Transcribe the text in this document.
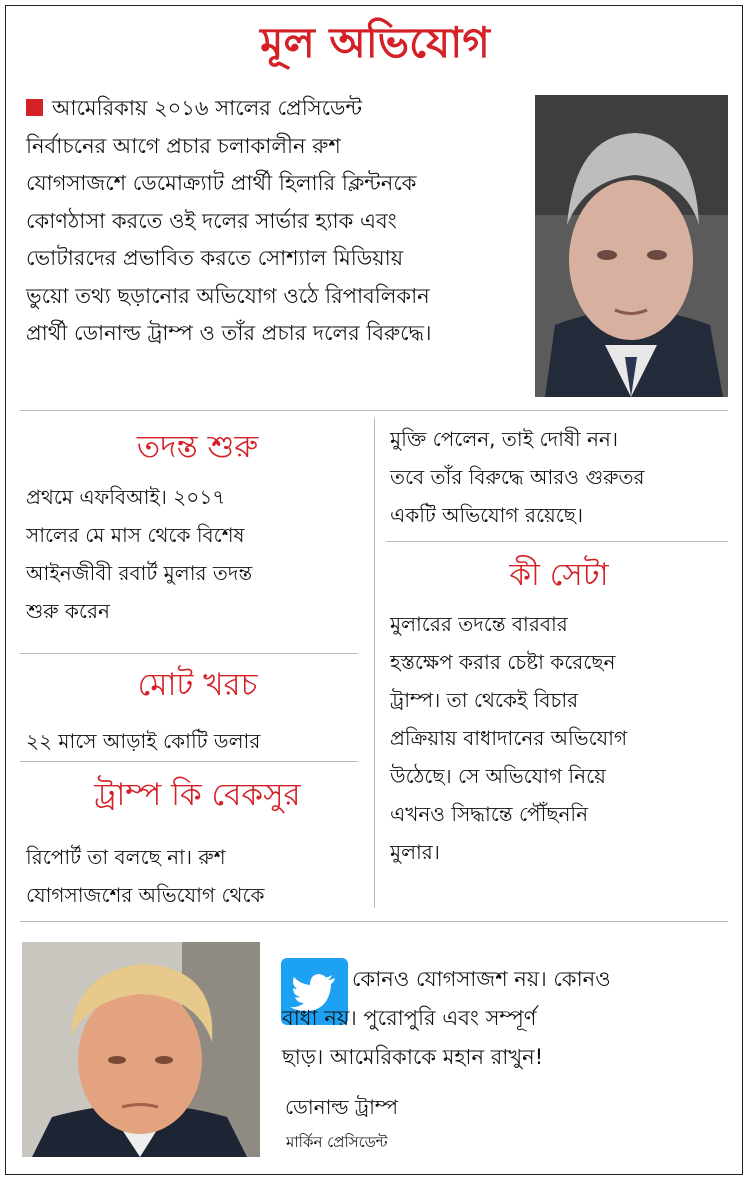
মূল অভিযোগ
আমেরিকায় ২০১৬ সালের প্রেসিডেন্ট
নির্বাচনের আগে প্রচার চলাকালীন রুশ
যোগসাজশে ডেমোক্র্যাট প্রার্থী হিলারি ক্লিন্টনকে
কোণঠাসা করতে ওই দলের সার্ভার হ্যাক এবং
ভোটারদের প্রভাবিত করতে সোশ্যাল মিডিয়ায়
ভুয়ো তথ্য ছড়ানোর অভিযোগ ওঠে রিপাবলিকান
প্রার্থী ডোনাল্ড ট্রাম্প ও তাঁর প্রচার দলের বিরুদ্ধে।
তদন্ত শুরু
প্রথমে এফবিআই। ২০১৭
সালের মে মাস থেকে বিশেষ
আইনজীবী রবার্ট মুলার তদন্ত
শুরু করেন
মোট খরচ
২২ মাসে আড়াই কোটি ডলার
ট্রাম্প কি বেকসুর
রিপোর্ট তা বলছে না। রুশ
যোগসাজশের অভিযোগ থেকে
মুক্তি পেলেন, তাই দোষী নন।
তবে তাঁর বিরুদ্ধে আরও গুরুতর
একটি অভিযোগ রয়েছে।
কী সেটা
মুলারের তদন্তে বারবার
হস্তক্ষেপ করার চেষ্টা করেছেন
ট্রাম্প। তা থেকেই বিচার
প্রক্রিয়ায় বাধাদানের অভিযোগ
উঠেছে। সে অভিযোগ নিয়ে
এখনও সিদ্ধান্তে পৌঁছননি
মুলার।
কোনও যোগসাজশ নয়। কোনও
বাধা নয়। পুরোপুরি এবং সম্পূর্ণ
ছাড়। আমেরিকাকে মহান রাখুন!
ডোনাল্ড ট্রাম্প
মার্কিন প্রেসিডেন্ট
